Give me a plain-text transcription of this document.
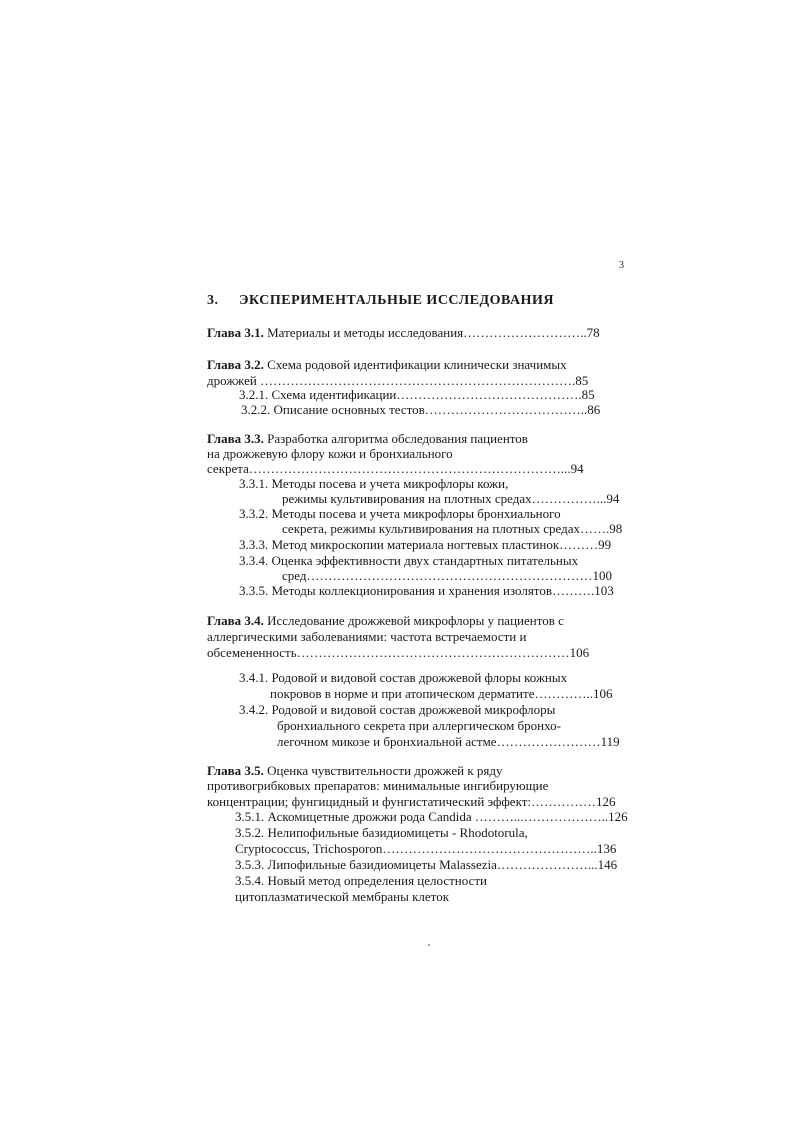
3
3. ЭКСПЕРИМЕНТАЛЬНЫЕ ИССЛЕДОВАНИЯ
Глава 3.1. Материалы и методы исследования………………………..78
Глава 3.2. Схема родовой идентификации клинически значимых
дрожжей ……………………………………………………………….85
3.2.1. Схема идентификации…………………………………….85
3.2.2. Описание основных тестов………………………………..86
Глава 3.3. Разработка алгоритма обследования пациентов
на дрожжевую флору кожи и бронхиального
секрета………………………………………………………………...94
3.3.1. Методы посева и учета микрофлоры кожи,
режимы культивирования на плотных средах……………...94
3.3.2. Методы посева и учета микрофлоры бронхиального
секрета, режимы культивирования на плотных средах…….98
3.3.3. Метод микроскопии материала ногтевых пластинок………99
3.3.4. Оценка эффективности двух стандартных питательных
сред…………………………………………………………100
3.3.5. Методы коллекционирования и хранения изолятов……….103
Глава 3.4. Исследование дрожжевой микрофлоры у пациентов с
аллергическими заболеваниями: частота встречаемости и
обсемененность………………………………………………………106
3.4.1. Родовой и видовой состав дрожжевой флоры кожных
покровов в норме и при атопическом дерматите…………..106
3.4.2. Родовой и видовой состав дрожжевой микрофлоры
бронхиального секрета при аллергическом бронхо-
легочном микозе и бронхиальной астме……………………119
Глава 3.5. Оценка чувствительности дрожжей к ряду
противогрибковых препаратов: минимальные ингибирующие
концентрации; фунгицидный и фунгистатический эффект:……………126
3.5.1. Аскомицетные дрожжи рода Candida ………...………………..126
3.5.2. Нелипофильные базидиомицеты - Rhodotorula,
Cryptococcus, Trichosporon…………………………………………..136
3.5.3. Липофильные базидиомицеты Malassezia…………………...146
3.5.4. Новый метод определения целостности
цитоплазматической мембраны клеток
